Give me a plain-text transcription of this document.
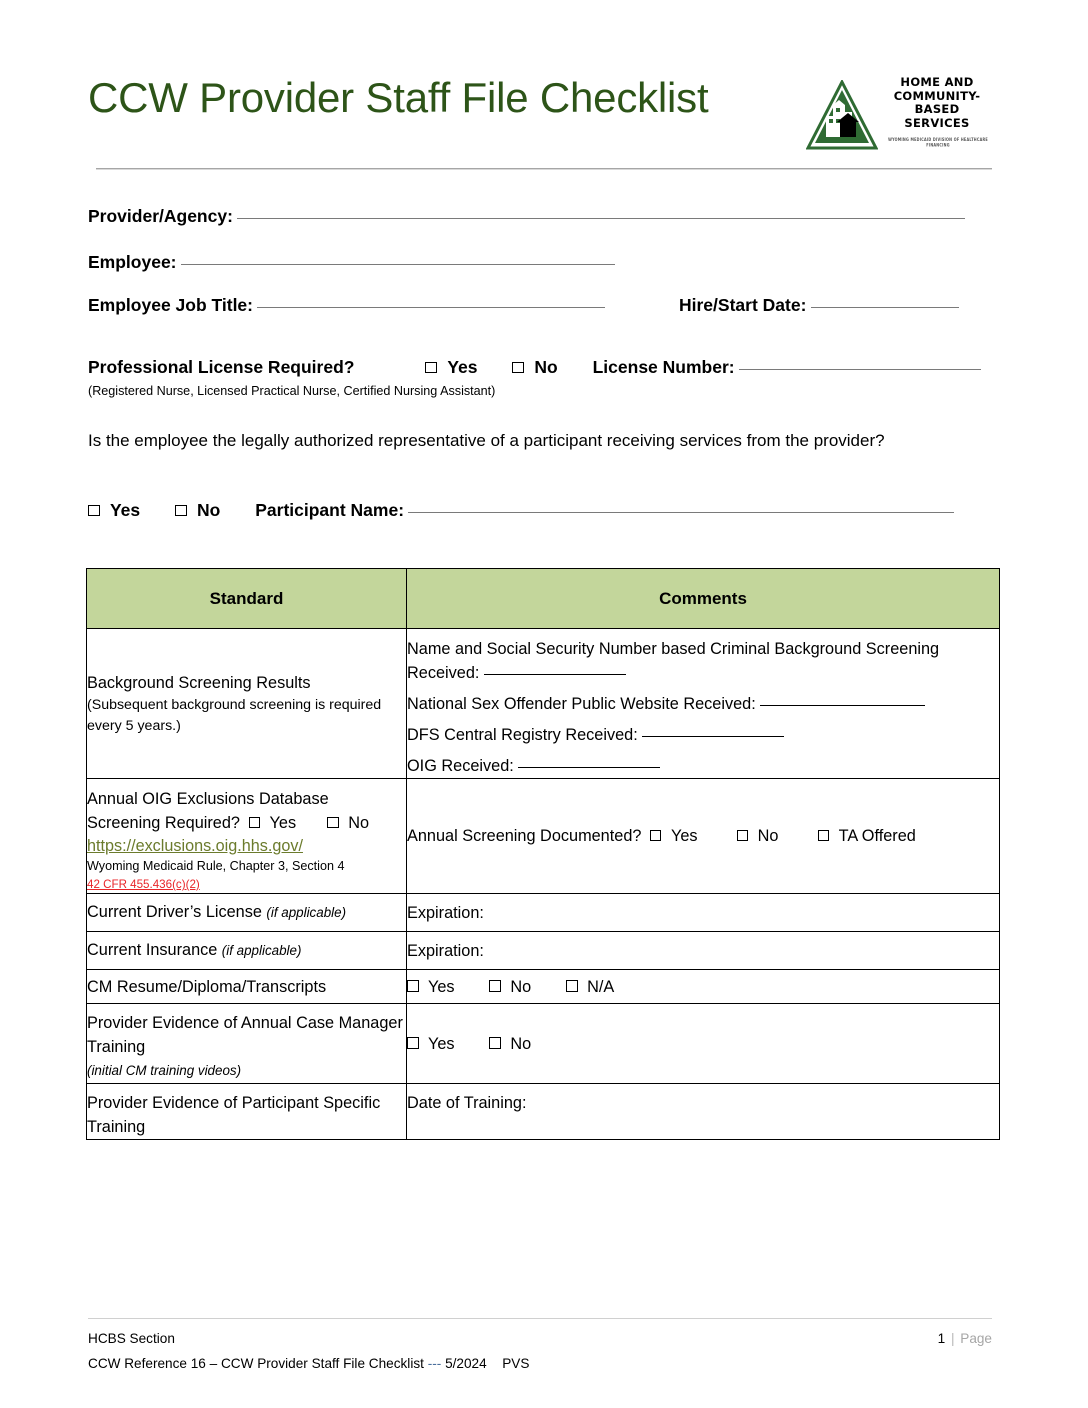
CCW Provider Staff File Checklist	HOME AND COMMUNITY-BASED SERVICES
WYOMING MEDICAID DIVISION OF HEALTHCARE FINANCING
Provider/Agency:
Employee:
Employee Job Title:	Hire/Start Date:
Professional License Required?	Yes	No License Number:
(Registered Nurse, Licensed Practical Nurse, Certified Nursing Assistant)
Is the employee the legally authorized representative of a participant receiving services from the provider?
Yes	No Participant Name:
Standard	Comments

Background Screening Results
(Subsequent background screening is required every 5 years.)

Name and Social Security Number based Criminal Background Screening Received:
National Sex Offender Public Website Received:
DFS Central Registry Received:
OIG Received:

Annual OIG Exclusions Database Screening Required? Yes No
https://exclusions.oig.hhs.gov/
Wyoming Medicaid Rule, Chapter 3, Section 4
42 CFR 455.436(c)(2)	Annual Screening Documented? Yes No TA Offered

Current Driver’s License (if applicable)	Expiration:
Current Insurance (if applicable)	Expiration:
CM Resume/Diploma/Transcripts	Yes No N/A

Provider Evidence of Annual Case Manager Training
(initial CM training videos)	Yes No

Provider Evidence of Participant Specific Training	Date of Training:
HCBS Section	1 | Page
CCW Reference 16 – CCW Provider Staff File Checklist --- 5/2024 PVS
